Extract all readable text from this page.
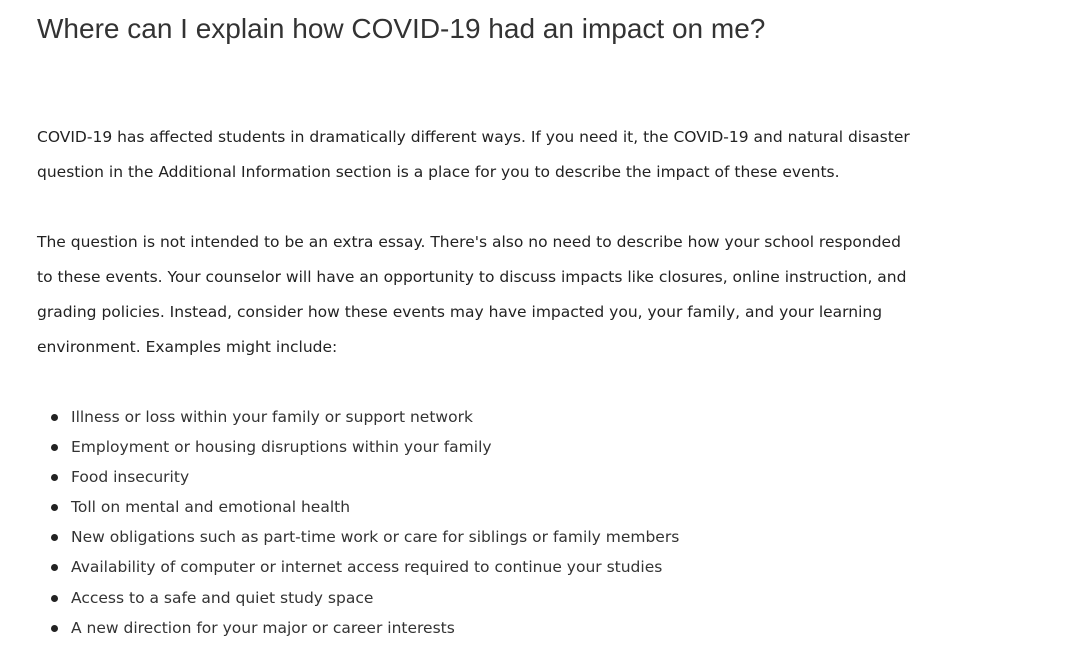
Where can I explain how COVID-19 had an impact on me?

COVID-19 has affected students in dramatically different ways. If you need it, the COVID-19 and natural disaster
question in the Additional Information section is a place for you to describe the impact of these events.

The question is not intended to be an extra essay. There's also no need to describe how your school responded
to these events. Your counselor will have an opportunity to discuss impacts like closures, online instruction, and
grading policies. Instead, consider how these events may have impacted you, your family, and your learning
environment. Examples might include:

Illness or loss within your family or support network
Employment or housing disruptions within your family
Food insecurity
Toll on mental and emotional health
New obligations such as part-time work or care for siblings or family members
Availability of computer or internet access required to continue your studies
Access to a safe and quiet study space
A new direction for your major or career interests
